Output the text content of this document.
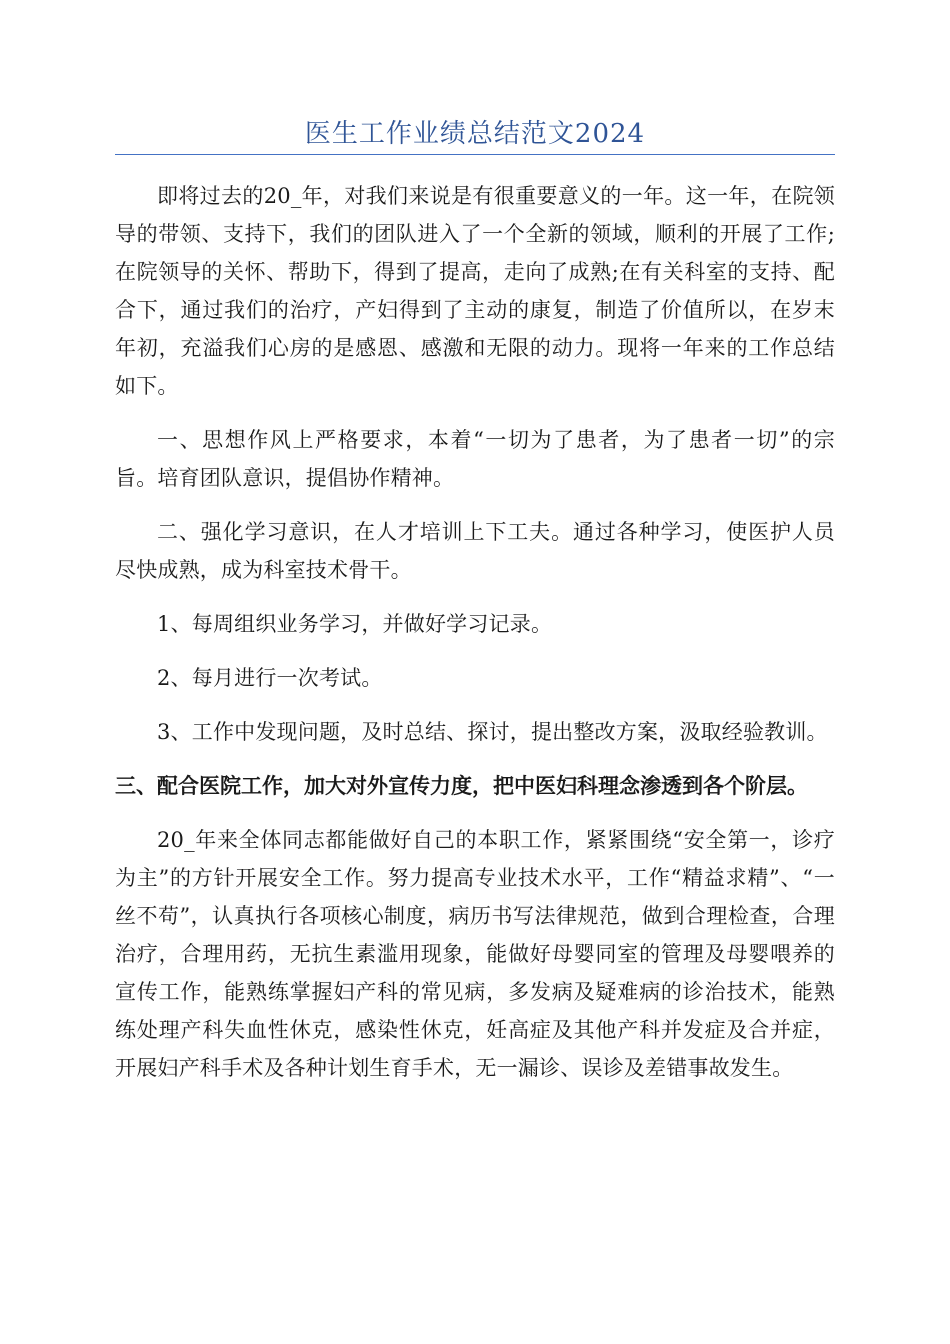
医生工作业绩总结范文2024

即将过去的20_年，对我们来说是有很重要意义的一年。这一年，在院领导的带领、支持下，我们的团队进入了一个全新的领域，顺利的开展了工作;在院领导的关怀、帮助下，得到了提高，走向了成熟;在有关科室的支持、配合下，通过我们的治疗，产妇得到了主动的康复，制造了价值所以，在岁末年初，充溢我们心房的是感恩、感激和无限的动力。现将一年来的工作总结如下。

一、思想作风上严格要求，本着“一切为了患者，为了患者一切”的宗旨。培育团队意识，提倡协作精神。

二、强化学习意识，在人才培训上下工夫。通过各种学习，使医护人员尽快成熟，成为科室技术骨干。

1、每周组织业务学习，并做好学习记录。

2、每月进行一次考试。

3、工作中发现问题，及时总结、探讨，提出整改方案，汲取经验教训。

三、配合医院工作，加大对外宣传力度，把中医妇科理念渗透到各个阶层。

20_年来全体同志都能做好自己的本职工作，紧紧围绕“安全第一，诊疗为主”的方针开展安全工作。努力提高专业技术水平，工作“精益求精”、“一丝不苟”，认真执行各项核心制度，病历书写法律规范，做到合理检查，合理治疗，合理用药，无抗生素滥用现象，能做好母婴同室的管理及母婴喂养的宣传工作，能熟练掌握妇产科的常见病，多发病及疑难病的诊治技术，能熟练处理产科失血性休克，感染性休克，妊高症及其他产科并发症及合并症，开展妇产科手术及各种计划生育手术，无一漏诊、误诊及差错事故发生。
